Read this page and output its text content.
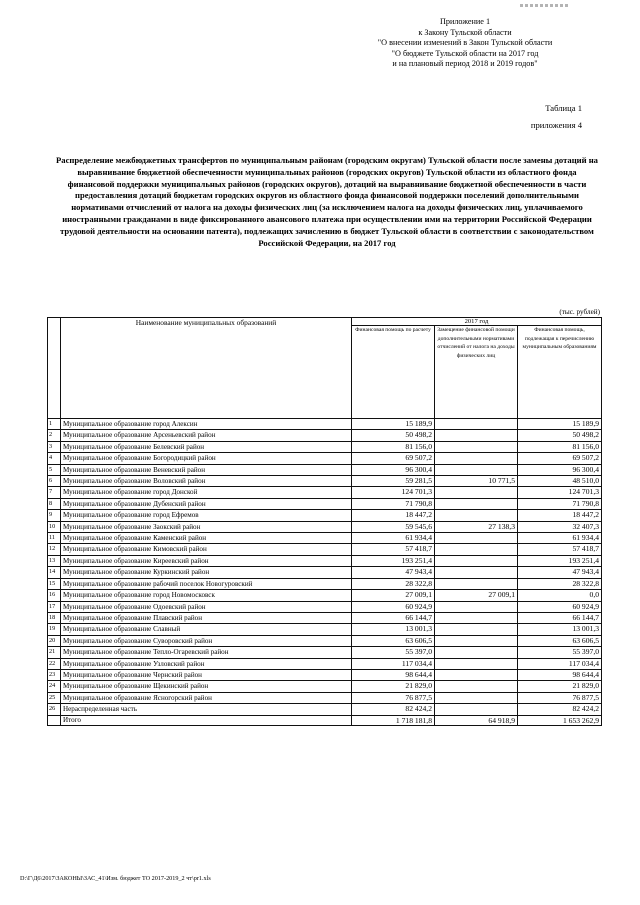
Приложение 1
к Закону Тульской области
"О внесении изменений в Закон Тульской области
"О бюджете Тульской области на 2017 год
и на плановый период 2018 и 2019 годов"
Таблица 1
приложения 4
Распределение межбюджетных трансфертов по муниципальным районам (городским округам) Тульской области после замены дотаций на выравнивание бюджетной обеспеченности муниципальных районов (городских округов) Тульской области из областного фонда финансовой поддержки муниципальных районов (городских округов), дотаций на выравнивание бюджетной обеспеченности в части предоставления дотаций бюджетам городских округов из областного фонда финансовой поддержки поселений дополнительными нормативами отчислений от налога на доходы физических лиц (за исключением налога на доходы физических лиц, уплачиваемого иностранными гражданами в виде фиксированного авансового платежа при осуществлении ими на территории Российской Федерации трудовой деятельности на основании патента), подлежащих зачислению в бюджет Тульской области в соответствии с законодательством Российской Федерации, на 2017 год
(тыс. рублей)
	Наименование муниципальных образований	2017 год		
		Финансовая помощь по расчету	Замещение финансовой помощи дополнительными нормативами отчислений от налога на доходы физических лиц	Финансовая помощь, подлежащая к перечислению муниципальным образованиям
1	Муниципальное образование город Алексин	15 189,9		15 189,9
2	Муниципальное образование Арсеньевский район	50 498,2		50 498,2
3	Муниципальное образование Белевский район	81 156,0		81 156,0
4	Муниципальное образование Богородицкий район	69 507,2		69 507,2
5	Муниципальное образование Веневский район	96 300,4		96 300,4
6	Муниципальное образование Воловский район	59 281,5	10 771,5	48 510,0
7	Муниципальное образование город Донской	124 701,3		124 701,3
8	Муниципальное образование Дубенский район	71 790,8		71 790,8
9	Муниципальное образование город Ефремов	18 447,2		18 447,2
10	Муниципальное образование Заокский район	59 545,6	27 138,3	32 407,3
11	Муниципальное образование Каменский район	61 934,4		61 934,4
12	Муниципальное образование Кимовский район	57 418,7		57 418,7
13	Муниципальное образование Киреевский район	193 251,4		193 251,4
14	Муниципальное образование Куркинский район	47 943,4		47 943,4
15	Муниципальное образование рабочий поселок Новогуровский	28 322,8		28 322,8
16	Муниципальное образование город Новомосковск	27 009,1	27 009,1	0,0
17	Муниципальное образование Одоевский район	60 924,9		60 924,9
18	Муниципальное образование Плавский район	66 144,7		66 144,7
19	Муниципальное образование Славный	13 001,3		13 001,3
20	Муниципальное образование Суворовский район	63 606,5		63 606,5
21	Муниципальное образование Тепло-Огаревский район	55 397,0		55 397,0
22	Муниципальное образование Узловский район	117 034,4		117 034,4
23	Муниципальное образование Чернский район	98 644,4		98 644,4
24	Муниципальное образование Щекинский район	21 829,0		21 829,0
25	Муниципальное образование Ясногорский район	76 877,5		76 877,5
26	Нераспределенная часть	82 424,2		82 424,2
	Итого	1 718 181,8	64 918,9	1 653 262,9
D:\Г\Д6\2017\ЗАКОНЫ\ЗАС_41\Изм. бюджет ТО 2017-2019_2 чт\pr1.xls
